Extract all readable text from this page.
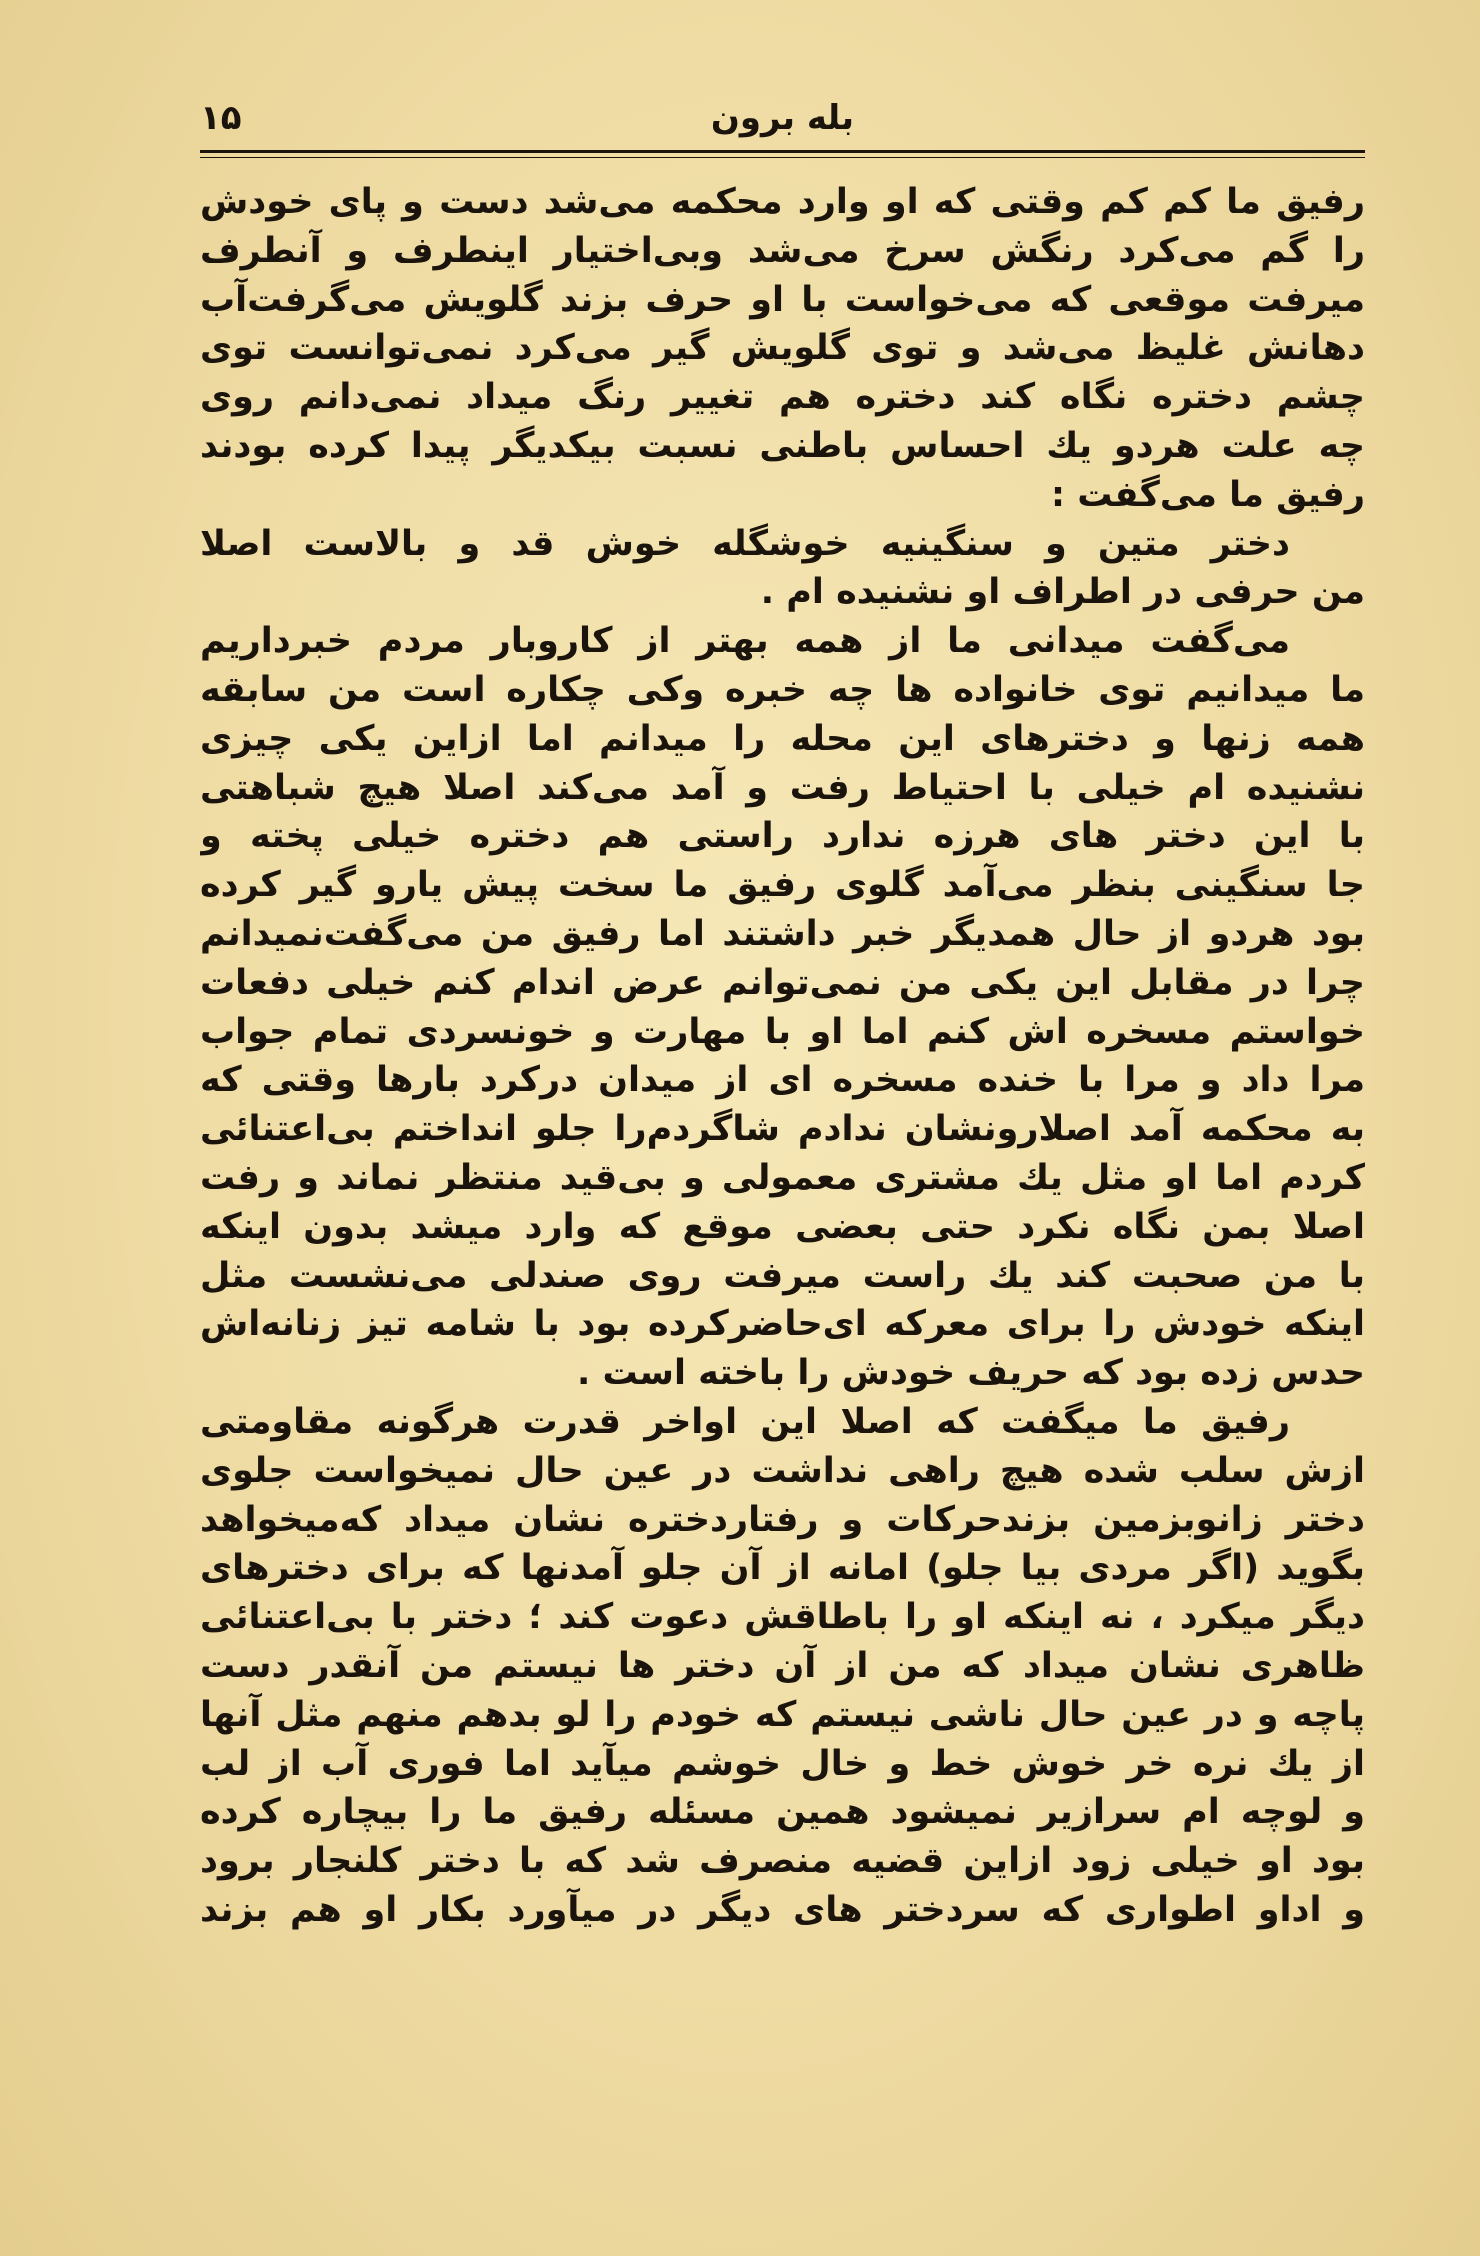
بله برون
۱۵
رفیق ما کم کم وقتی که او وارد محکمه می‌شد دست و پای خودش
را گم می‌کرد رنگش سرخ می‌شد وبی‌اختیار اینطرف و آنطرف
میرفت موقعی که می‌خواست با او حرف بزند گلویش می‌گرفت‌آب
دهانش غلیظ می‌شد و توی گلویش گیر می‌کرد نمی‌توانست توی
چشم دختره نگاه کند دختره هم تغییر رنگ میداد نمی‌دانم روی
چه علت هردو یك احساس باطنی نسبت بیکدیگر پیدا کرده بودند
رفیق ما می‌گفت :
دختر متین و سنگینیه خوشگله خوش قد و بالاست اصلا
من حرفی در اطراف او نشنیده ام .
می‌گفت میدانی ما از همه بهتر از کاروبار مردم خبرداریم
ما میدانیم توی خانواده ها چه خبره وکی چکاره است من سابقه
همه زنها و دخترهای این محله را میدانم اما ازاین یکی چیزی
نشنیده ام خیلی با احتیاط رفت و آمد می‌کند اصلا هیچ شباهتی
با این دختر های هرزه ندارد راستی هم دختره خیلی پخته و
جا سنگینی بنظر می‌آمد گلوی رفیق ما سخت پیش یارو گیر کرده
بود هردو از حال همدیگر خبر داشتند اما رفیق من می‌گفت‌نمیدانم
چرا در مقابل این یکی من نمی‌توانم عرض اندام کنم خیلی دفعات
خواستم مسخره اش کنم اما او با مهارت و خونسردی تمام جواب
مرا داد و مرا با خنده مسخره ای از میدان درکرد بارها وقتی که
به محکمه آمد اصلارونشان ندادم شاگردم‌را جلو انداختم بی‌اعتنائی
کردم اما او مثل یك مشتری معمولی و بی‌قید منتظر نماند و رفت
اصلا بمن نگاه نکرد حتی بعضی موقع که وارد میشد بدون اینکه
با من صحبت کند یك راست میرفت روی صندلی می‌نشست مثل
اینکه خودش را برای معرکه ای‌حاضرکرده بود با شامه تیز زنانه‌اش
حدس زده بود که حریف خودش را باخته است .
رفیق ما میگفت که اصلا این اواخر قدرت هرگونه مقاومتی
ازش سلب شده هیچ راهی نداشت در عین حال نمیخواست جلوی
دختر زانوبزمین بزندحرکات و رفتاردختره نشان میداد که‌میخواهد
بگوید (اگر مردی بیا جلو) امانه از آن جلو آمدنها که برای دخترهای
دیگر میکرد ، نه اینکه او را باطاقش دعوت کند ؛ دختر با بی‌اعتنائی
ظاهری نشان میداد که من از آن دختر ها نیستم من آنقدر دست
پاچه و در عین حال ناشی نیستم که خودم را لو بدهم منهم مثل آنها
از یك نره خر خوش خط و خال خوشم میآید اما فوری آب از لب
و لوچه ام سرازیر نمیشود همین مسئله رفیق ما را بیچاره کرده
بود او خیلی زود ازاین قضیه منصرف شد که با دختر کلنجار برود
و اداو اطواری که سردختر های دیگر در میآورد بکار او هم بزند
